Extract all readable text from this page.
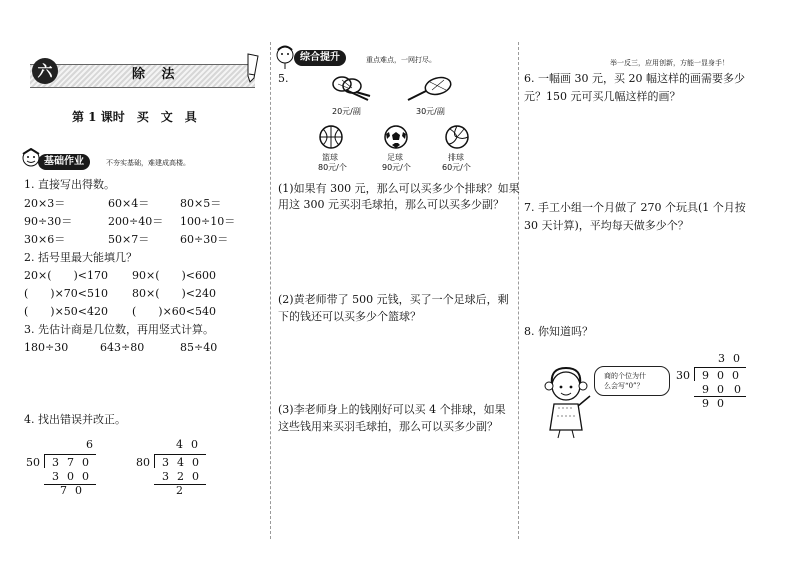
六	除 法
第 1 课时　买　文　具
基础作业	不夯实基础，难建成高楼。
1. 直接写出得数。
20×3＝	60×4＝	80×5＝
90÷30＝	200÷40＝ 100÷10＝
30×6＝	50×7＝	60÷30＝
2. 括号里最大能填几？
20×(　　)<170 90×(　　)<600
(　　)×70<510 80×(　　)<240
(　　)×50<420 (　　)×60<540
3. 先估计商是几位数，再用竖式计算。
180÷30	643÷80	85÷40
4. 找出错误并改正。
6
50 370
300
70
40
80 340
320
2
综合提升	重点难点，一网打尽。
5.
20元/副	30元/副
篮球
80元/个
足球
90元/个
排球
60元/个
(1)如果有 300 元，那么可以买多少个排球？如果
用这 300 元买羽毛球拍，那么可以买多少副？
(2)黄老师带了 500 元钱，买了一个足球后，剩
下的钱还可以买多少个篮球？
(3)李老师身上的钱刚好可以买 4 个排球，如果
这些钱用来买羽毛球拍，那么可以买多少副？
举一反三，应用创新，方能一显身手！
6. 一幅画 30 元，买 20 幅这样的画需要多少
元？150 元可买几幅这样的画？
7. 手工小组一个月做了 270 个玩具(1 个月按
30 天计算)，平均每天做多少个？
8. 你知道吗？
商的个位为什
么会写“0”？
30
30 900
90 0
90
